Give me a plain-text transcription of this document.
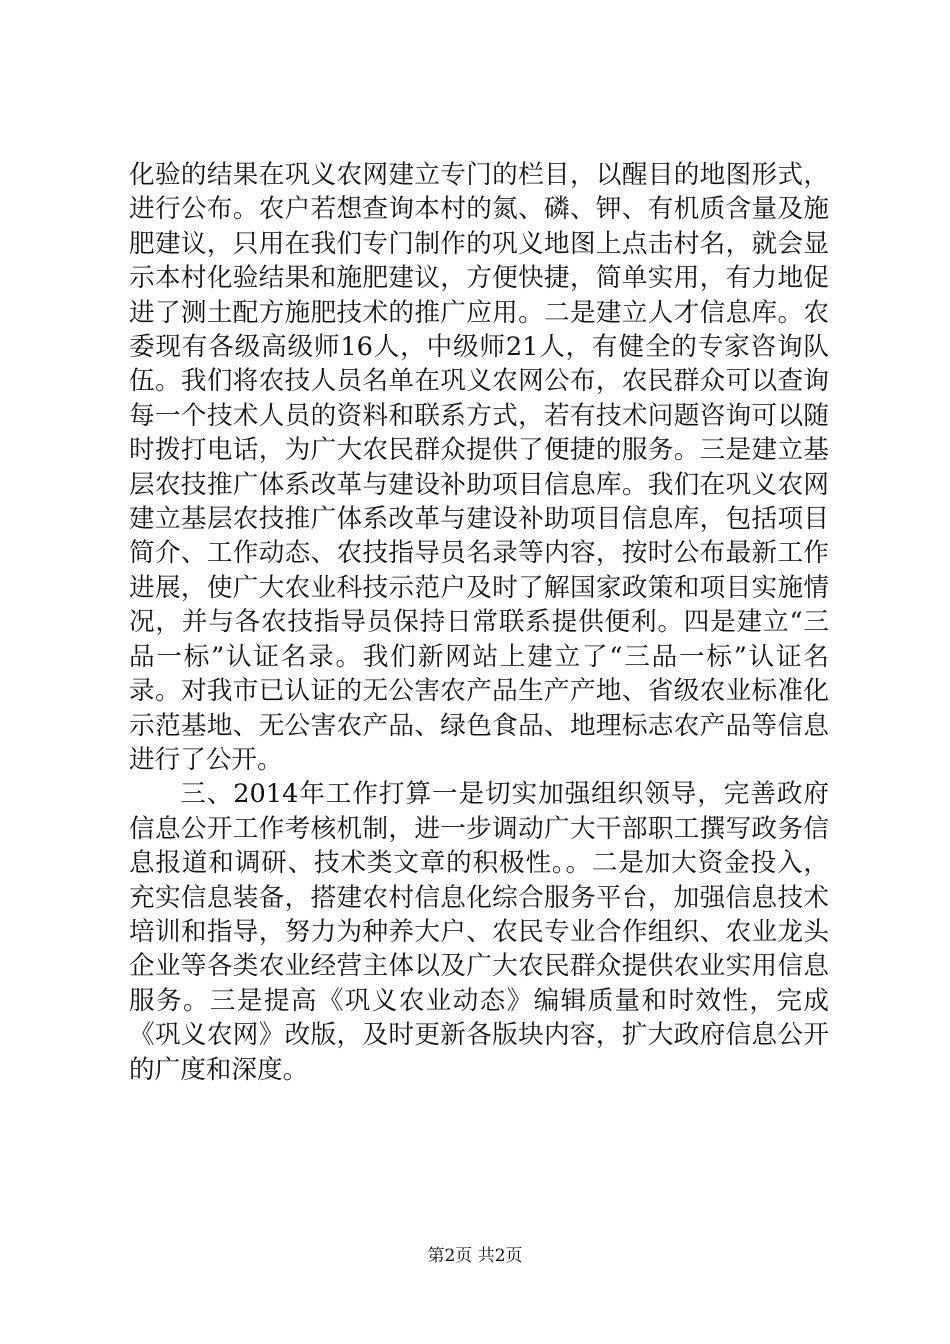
化验的结果在巩义农网建立专门的栏目，以醒目的地图形式，进行公布。农户若想查询本村的氮、磷、钾、有机质含量及施肥建议，只用在我们专门制作的巩义地图上点击村名，就会显示本村化验结果和施肥建议，方便快捷，简单实用，有力地促进了测土配方施肥技术的推广应用。二是建立人才信息库。农委现有各级高级师16人，中级师21人，有健全的专家咨询队伍。我们将农技人员名单在巩义农网公布，农民群众可以查询每一个技术人员的资料和联系方式，若有技术问题咨询可以随时拨打电话，为广大农民群众提供了便捷的服务。三是建立基层农技推广体系改革与建设补助项目信息库。我们在巩义农网建立基层农技推广体系改革与建设补助项目信息库，包括项目简介、工作动态、农技指导员名录等内容，按时公布最新工作进展，使广大农业科技示范户及时了解国家政策和项目实施情况，并与各农技指导员保持日常联系提供便利。四是建立“三品一标”认证名录。我们新网站上建立了“三品一标”认证名录。对我市已认证的无公害农产品生产产地、省级农业标准化示范基地、无公害农产品、绿色食品、地理标志农产品等信息进行了公开。

三、2014年工作打算一是切实加强组织领导，完善政府信息公开工作考核机制，进一步调动广大干部职工撰写政务信息报道和调研、技术类文章的积极性。。二是加大资金投入，充实信息装备，搭建农村信息化综合服务平台，加强信息技术培训和指导，努力为种养大户、农民专业合作组织、农业龙头企业等各类农业经营主体以及广大农民群众提供农业实用信息服务。三是提高《巩义农业动态》编辑质量和时效性，完成《巩义农网》改版，及时更新各版块内容，扩大政府信息公开的广度和深度。

第2页 共2页
